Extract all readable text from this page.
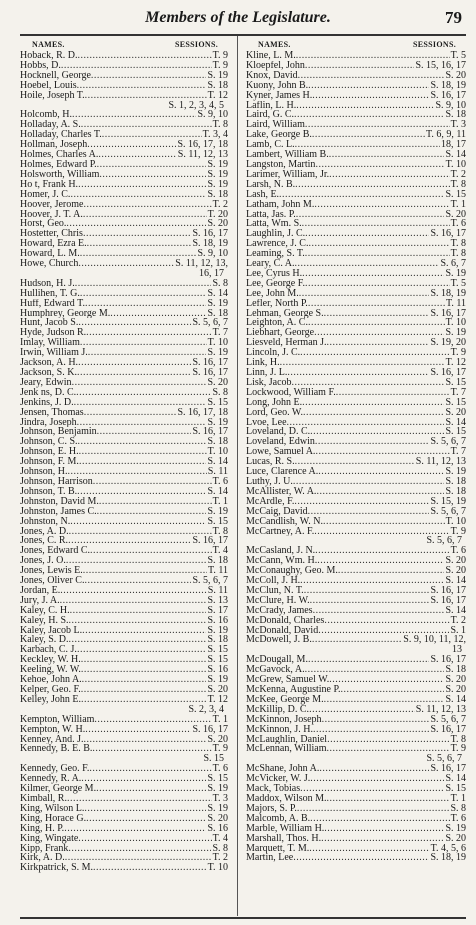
Members of the Legislature.	79
NAMES.	SESSIONS.
Hoback, R. D. .....	T. 9
Hobbs, D. .....	T. 9
Hocknell, George .....	S. 19
Hoebel, Louis .....	S. 18
Hoile, Joseph T. .....	T. 12
S. 1, 2, 3, 4, 5
Holcomb, H. .....	S. 9, 10
Holladay, A. S. .....	T. 8
Holladay, Charles T. .....	T. 3, 4
Hollman, Joseph .....	S. 16, 17, 18
Holmes, Charles A. .....	S. 11, 12, 13
Holmes, Edward P. .....	S. 19
Holsworth, William .....	S. 19
Ho t, Frank H. .....	S. 19
Homer, J. C. .....	S. 18
Hoover, Jerome .....	T. 2
Hoover, J. T. A. .....	T. 20
Horst, Geo. .....	S. 20
Hostetter, Chris .....	S. 16, 17
Howard, Ezra E. .....	S. 18, 19
Howard, L. M. .....	S. 9, 10
Howe, Church .....	S. 11, 12, 13,
16, 17
Hudson, H. J. .....	S. 8
Hullihen, T. G. .....	S. 14
Huff, Edward T. .....	S. 19
Humphrey, George M. .....	S. 18
Hunt, Jacob S. .....	S. 5, 6, 7
Hyde, Judson R. .....	T. 7
Imlay, William .....	T. 10
Irwin, William J. .....	S. 19
Jackson, A. H. .....	S. 16, 17
Jackson, S. K. .....	S. 16, 17
Jeary, Edwin .....	S. 20
Jenk ns, D. C. .....	S. 8
Jenkins, J. D. .....	S. 15
Jensen, Thomas .....	S. 16, 17, 18
Jindra, Joseph .....	S. 19
Johnson, Benjamin .....	S. 16, 17
Johnson, C. S. .....	S. 18
Johnson, E. H. .....	T. 10
Johnson, F. M. .....	S. 14
Johnson, H. .....	S. 11
Johnson, Harrison .....	T. 6
Johnson, T. B. .....	S. 14
Johnston, David M. .....	T. 1
Johnston, James C. .....	S. 19
Johnston, N. .....	S. 15
Jones, A. D. .....	T. 8
Jones, C. R. .....	S. 16, 17
Jones, Edward C. .....	T. 4
Jones, J. O. .....	S. 18
Jones, Lewis E. .....	T. 11
Jones, Oliver C. .....	S. 5, 6, 7
Jordan, E. .....	S. 11
Jury, J. A. .....	S. 13
Kaley, C. H. .....	S. 17
Kaley, H. S. .....	S. 16
Kaley, Jacob L. .....	S. 19
Kaley, S. D. .....	S. 18
Karbach, C. J. .....	S. 15
Keckley, W. H. .....	S. 15
Keeling, W. W. .....	S. 16
Kehoe, John A. .....	S. 19
Kelper, Geo. F. .....	S. 20
Kelley, John E. .....	T. 12
S. 2, 3, 4
Kempton, William .....	T. 1
Kempton, W. H. .....	S. 16, 17
Kenney, And. J. .....	S. 20
Kennedy, B. E. B. .....	T. 9
S. 15
Kennedy, Geo. F. .....	T. 6
Kennedy, R. A. .....	S. 15
Kilmer, George M. .....	S. 19
Kimball, R. .....	T. 3
King, Wilson L. .....	S. 19
King, Horace G. .....	S. 20
King, H. P. .....	S. 16
King, Wingate .....	T. 4
Kipp, Frank .....	S. 8
Kirk, A. D. .....	T. 2
Kirkpatrick, S. M. .....	T. 10
NAMES.	SESSIONS.
Kline, L. M. .....	T. 5
Kloepfel, John .....	S. 15, 16, 17
Knox, David .....	S. 20
Kuony, John B. .....	S. 18, 19
Kyner, James H. .....	S. 16, 17
Laflin, L. H. .....	S. 9, 10
Laird, G. C. .....	S. 18
Laird, William .....	T. 3
Lake, George B. .....	T. 6, 9, 11
Lamb, C. L. .....	18, 17
Lambert, William B. .....	S. 14
Langston, Martin .....	T. 10
Larimer, William, Jr. .....	T. 2
Larsh, N. B. .....	T. 8
Lash, E. .....	S. 15
Latham, John M. .....	T. 1
Latta, Jas. P. .....	S. 20
Latta, Wm. S. .....	T. 6
Laughlin, J. C. .....	S. 16, 17
Lawrence, J. C. .....	T. 8
Leaming, S. T. .....	T. 8
Leary, C. A. .....	S. 6, 7
Lee, Cyrus H. .....	S. 19
Lee, George F. .....	T. 5
Lee, John M. .....	S. 18, 19
Lefler, North P. .....	T. 11
Lehman, George S. .....	S. 16, 17
Leighton, A. C. .....	T. 10
Liebhart, George .....	S. 19
Liesveld, Herman J. .....	S. 19, 20
Lincoln, J. C. .....	T. 9
Link, H. .....	T. 12
Linn, J. L. .....	S. 16, 17
Lisk, Jacob .....	S. 15
Lockwood, William F. .....	T. 7
Long, John E. .....	S. 15
Lord, Geo. W. .....	S. 20
Lvoe, Lee .....	S. 14
Loveland, D. C. .....	S. 15
Loveland, Edwin .....	S. 5, 6, 7
Lowe, Samuel A. .....	T. 7
Lucas, R. S. .....	S. 11, 12, 13
Luce, Clarence A. .....	S. 19
Luthy, J. U. .....	S. 18
McAllister, W. A. .....	S. 18
McArdle, F. .....	S. 15, 19
McCaig, David .....	S. 5, 6, 7
McCandlish, W. N. .....	T. 10
McCartney, A. F. .....	T. 9
S. 5, 6, 7
McCasland, J. N. .....	T. 6
McCann, Wm. H. .....	S. 20
McConaughy, Geo. M. .....	S. 20
McColl, J. H. .....	S. 14
McClun, N. T. .....	S. 16, 17
McClure, H. W. .....	S. 16, 17
McCrady, James .....	S. 14
McDonald, Charles .....	T. 2
McDonald, David .....	S. 1
McDowell, J. B. .....	S. 9, 10, 11, 12,
13
McDougall, M. .....	S. 16, 17
McGavock, A. .....	S. 18
McGrew, Samuel W. .....	S. 20
McKenna, Augustine P. .....	S. 20
McKee, George M. .....	S. 14
McKillip, D. C. .....	S. 11, 12, 13
McKinnon, Joseph .....	S. 5, 6, 7
McKinnon, J. H. .....	S. 16, 17
McLaughlin, Daniel .....	T. 8
McLennan, William .....	T. 9
S. 5, 6, 7
McShane, John A. .....	S. 16, 17
McVicker, W. J. .....	S. 14
Mack, Tobias .....	S. 15
Maddox, Wilson M. .....	T. 1
Majors, S. P. .....	S. 8
Malcomb, A. B. .....	T. 6
Marble, William H. .....	S. 19
Marshall, Thos. H. .....	S. 20
Marquett, T. M. .....	T. 4, 5, 6
Martin, Lee .....	S. 18, 19
